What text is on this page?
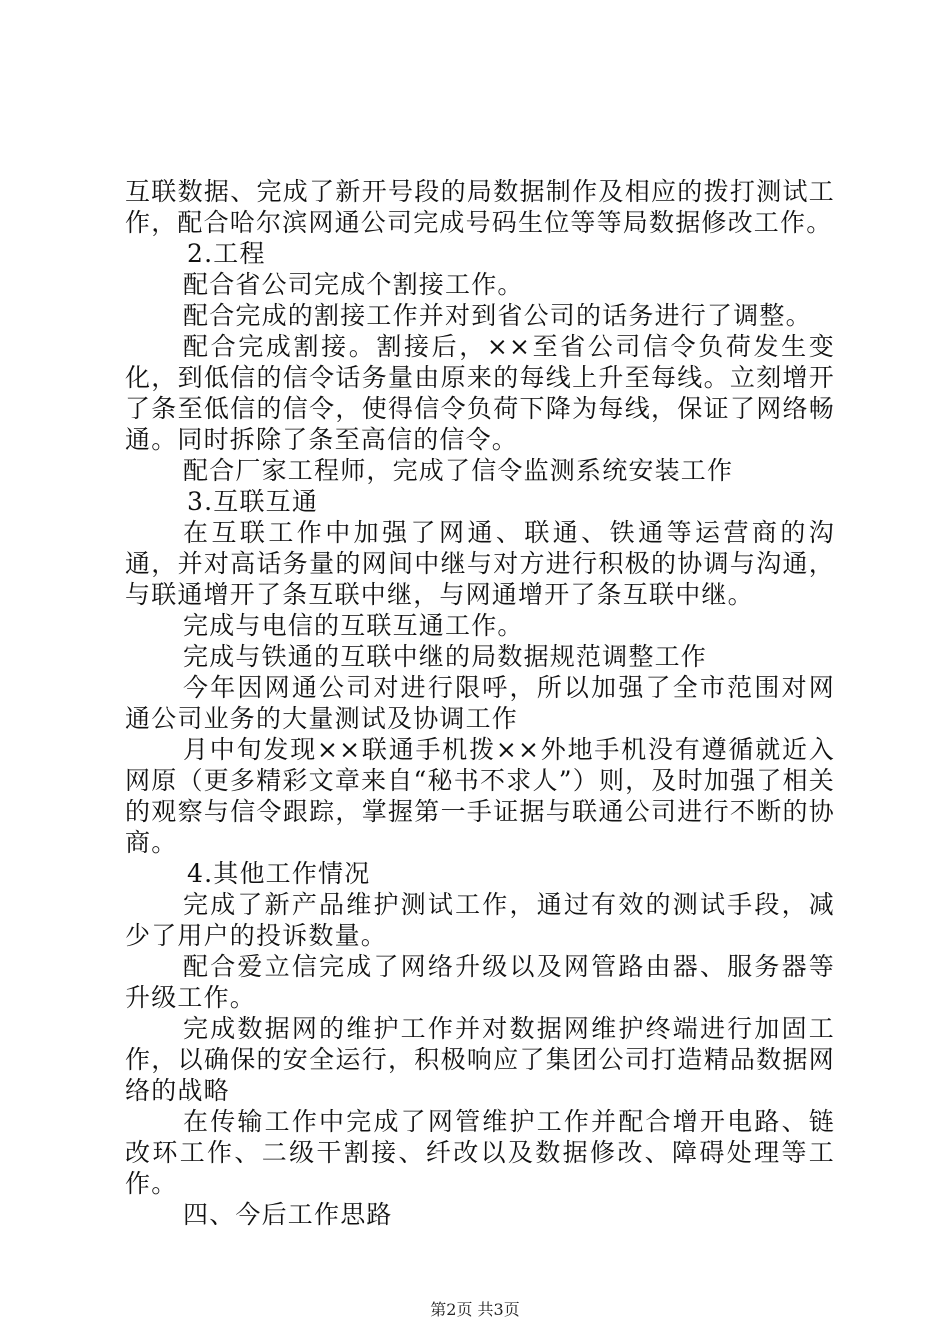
互联数据、完成了新开号段的局数据制作及相应的拨打测试工作，配合哈尔滨网通公司完成号码生位等等局数据修改工作。

2.工程

配合省公司完成个割接工作。

配合完成的割接工作并对到省公司的话务进行了调整。

配合完成割接。割接后，××至省公司信令负荷发生变化，到低信的信令话务量由原来的每线上升至每线。立刻增开了条至低信的信令，使得信令负荷下降为每线，保证了网络畅通。同时拆除了条至高信的信令。

配合厂家工程师，完成了信令监测系统安装工作

3.互联互通

在互联工作中加强了网通、联通、铁通等运营商的沟通，并对高话务量的网间中继与对方进行积极的协调与沟通，与联通增开了条互联中继，与网通增开了条互联中继。

完成与电信的互联互通工作。

完成与铁通的互联中继的局数据规范调整工作

今年因网通公司对进行限呼，所以加强了全市范围对网通公司业务的大量测试及协调工作

月中旬发现××联通手机拨××外地手机没有遵循就近入网原（更多精彩文章来自“秘书不求人”）则，及时加强了相关的观察与信令跟踪，掌握第一手证据与联通公司进行不断的协商。

4.其他工作情况

完成了新产品维护测试工作，通过有效的测试手段，减少了用户的投诉数量。

配合爱立信完成了网络升级以及网管路由器、服务器等升级工作。

完成数据网的维护工作并对数据网维护终端进行加固工作，以确保的安全运行，积极响应了集团公司打造精品数据网络的战略

在传输工作中完成了网管维护工作并配合增开电路、链改环工作、二级干割接、纤改以及数据修改、障碍处理等工作。

四、今后工作思路

第2页 共3页
